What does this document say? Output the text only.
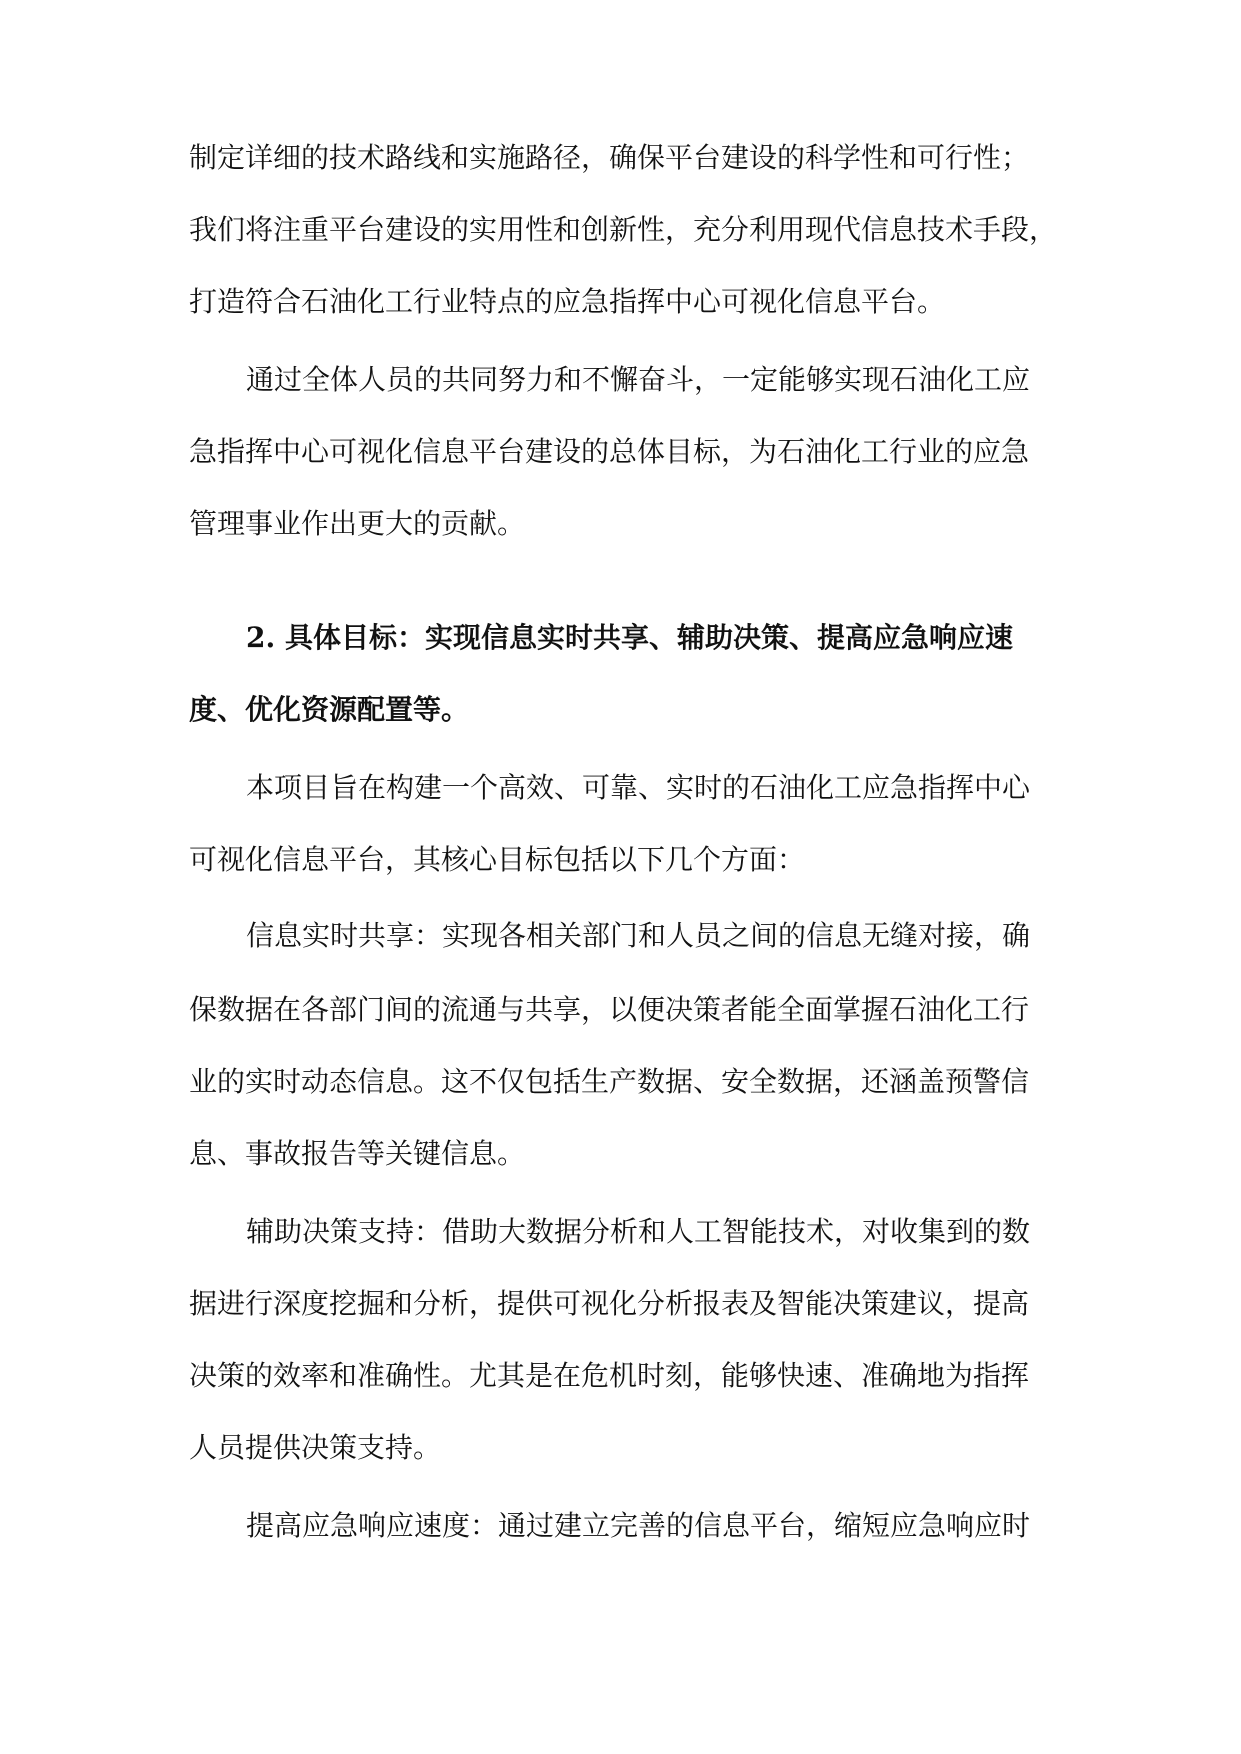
制定详细的技术路线和实施路径，确保平台建设的科学性和可行性；
我们将注重平台建设的实用性和创新性，充分利用现代信息技术手段，
打造符合石油化工行业特点的应急指挥中心可视化信息平台。
通过全体人员的共同努力和不懈奋斗，一定能够实现石油化工应
急指挥中心可视化信息平台建设的总体目标，为石油化工行业的应急
管理事业作出更大的贡献。
2. 具体目标：实现信息实时共享、辅助决策、提高应急响应速
度、优化资源配置等。
本项目旨在构建一个高效、可靠、实时的石油化工应急指挥中心
可视化信息平台，其核心目标包括以下几个方面：
信息实时共享：实现各相关部门和人员之间的信息无缝对接，确
保数据在各部门间的流通与共享，以便决策者能全面掌握石油化工行
业的实时动态信息。这不仅包括生产数据、安全数据，还涵盖预警信
息、事故报告等关键信息。
辅助决策支持：借助大数据分析和人工智能技术，对收集到的数
据进行深度挖掘和分析，提供可视化分析报表及智能决策建议，提高
决策的效率和准确性。尤其是在危机时刻，能够快速、准确地为指挥
人员提供决策支持。
提高应急响应速度：通过建立完善的信息平台，缩短应急响应时
